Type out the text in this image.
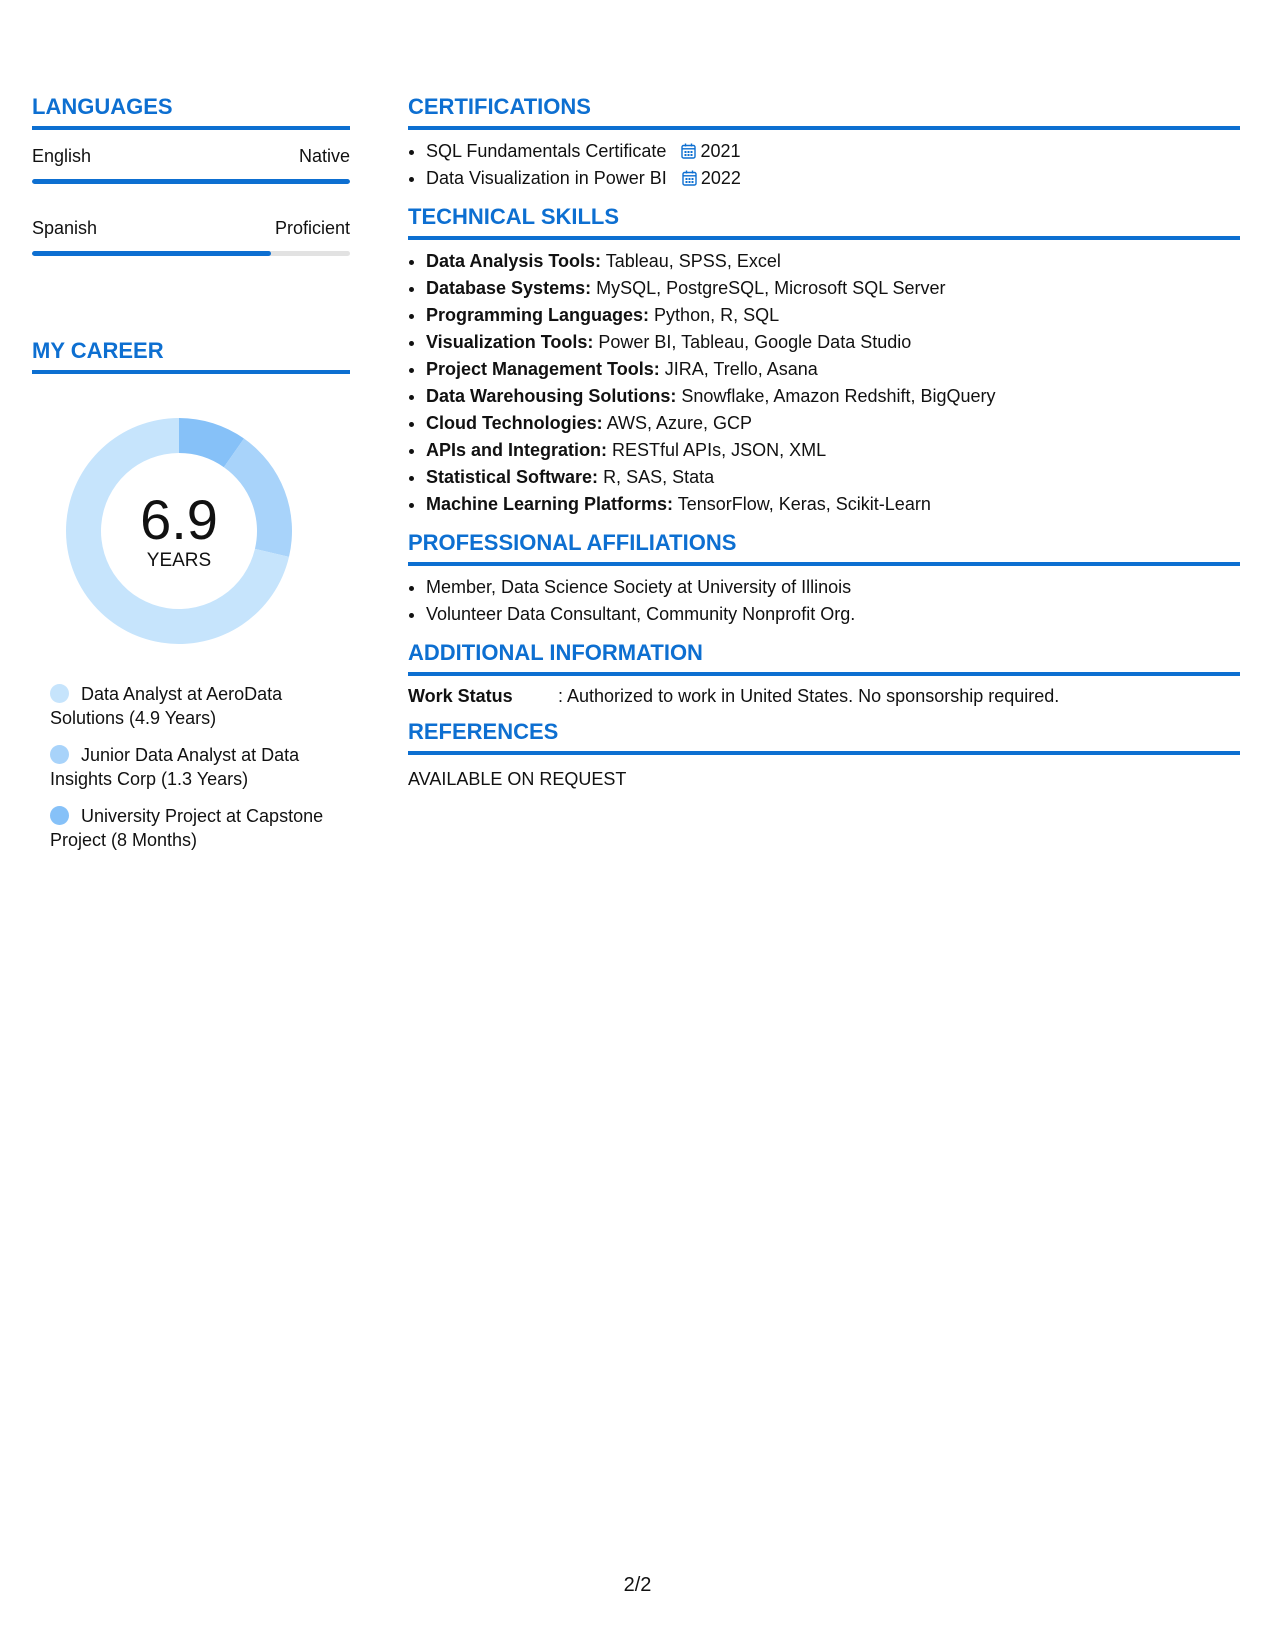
LANGUAGES
English	Native
Spanish	Proficient
MY CAREER
6.9
YEARS
Data Analyst at AeroData Solutions (4.9 Years)
Junior Data Analyst at Data Insights Corp (1.3 Years)
University Project at Capstone Project (8 Months)
CERTIFICATIONS
• SQL Fundamentals Certificate 2021
• Data Visualization in Power BI 2022
TECHNICAL SKILLS
• Data Analysis Tools: Tableau, SPSS, Excel
• Database Systems: MySQL, PostgreSQL, Microsoft SQL Server
• Programming Languages: Python, R, SQL
• Visualization Tools: Power BI, Tableau, Google Data Studio
• Project Management Tools: JIRA, Trello, Asana
• Data Warehousing Solutions: Snowflake, Amazon Redshift, BigQuery
• Cloud Technologies: AWS, Azure, GCP
• APIs and Integration: RESTful APIs, JSON, XML
• Statistical Software: R, SAS, Stata
• Machine Learning Platforms: TensorFlow, Keras, Scikit-Learn
PROFESSIONAL AFFILIATIONS
• Member, Data Science Society at University of Illinois
• Volunteer Data Consultant, Community Nonprofit Org.
ADDITIONAL INFORMATION
Work Status	: Authorized to work in United States. No sponsorship required.
REFERENCES
AVAILABLE ON REQUEST
2/2
